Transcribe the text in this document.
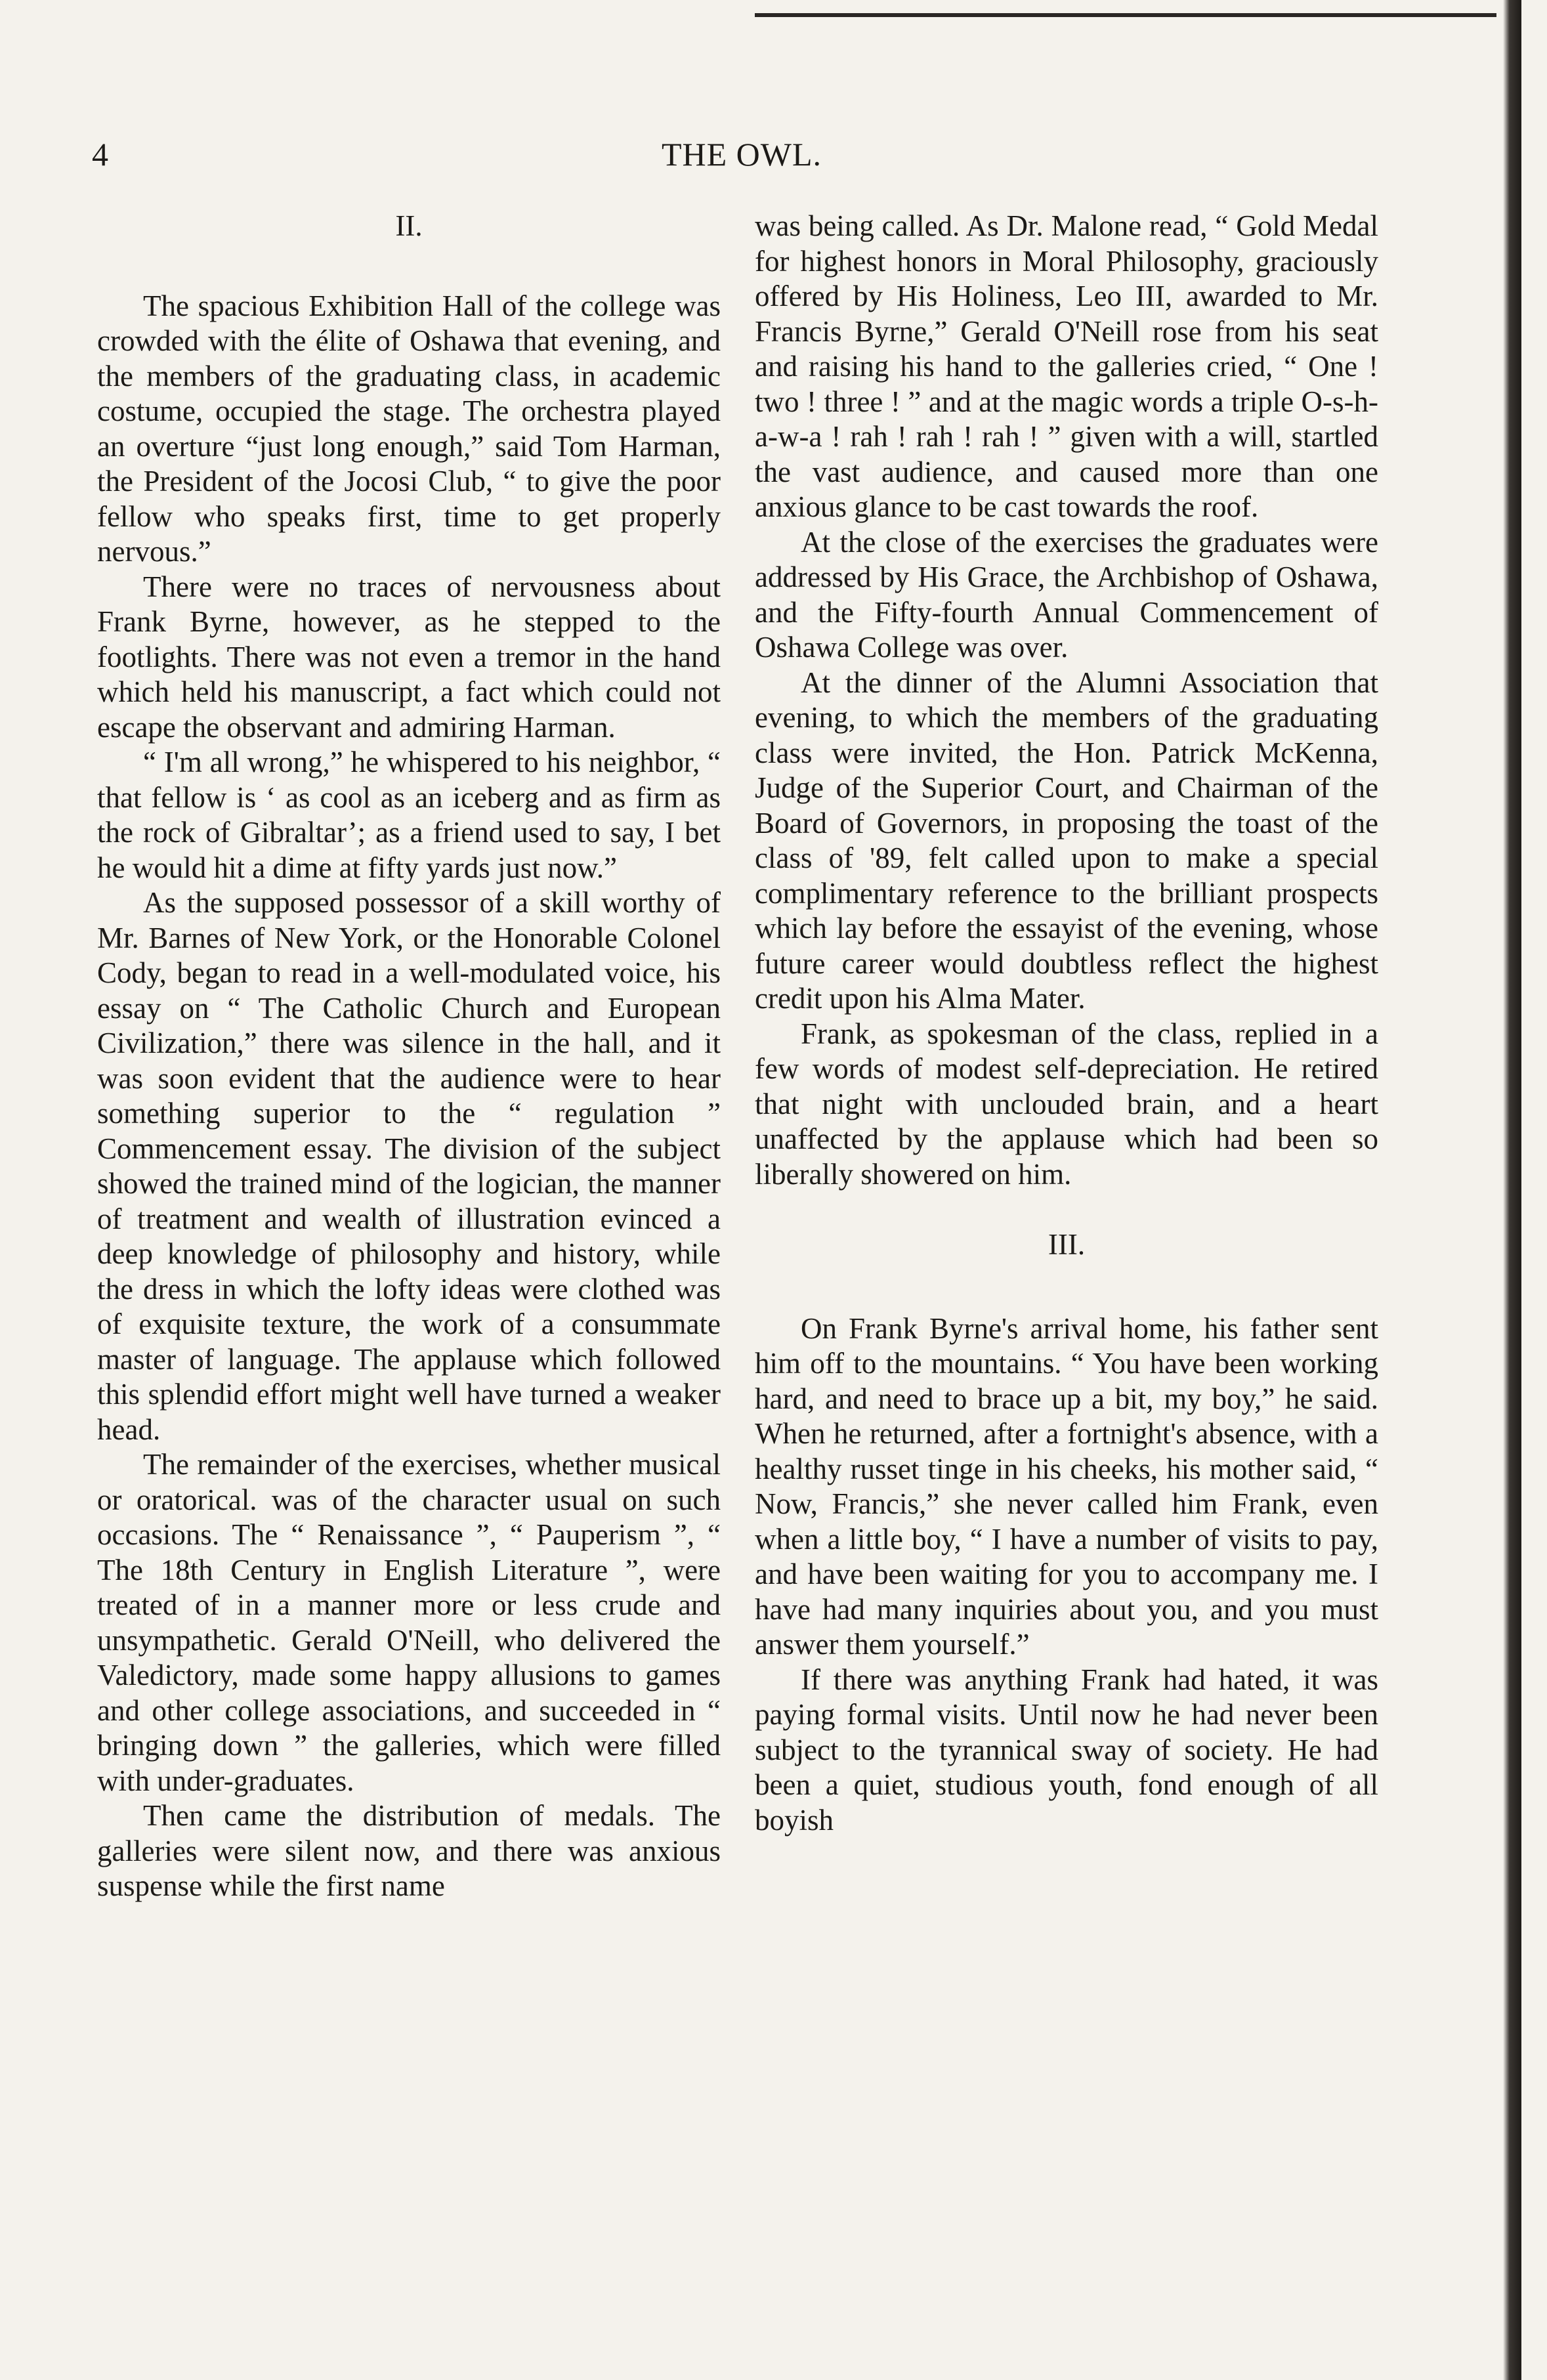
4	THE OWL.
II.

The spacious Exhibition Hall of the college was crowded with the élite of Oshawa that evening, and the members of the graduating class, in academic costume, occupied the stage. The orchestra played an overture “just long enough,” said Tom Harman, the President of the Jocosi Club, “ to give the poor fellow who speaks first, time to get properly nervous.”

There were no traces of nervousness about Frank Byrne, however, as he stepped to the footlights. There was not even a tremor in the hand which held his manuscript, a fact which could not escape the observant and admiring Harman.

“ I'm all wrong,” he whispered to his neighbor, “ that fellow is ‘ as cool as an iceberg and as firm as the rock of Gibraltar’; as a friend used to say, I bet he would hit a dime at fifty yards just now.”

As the supposed possessor of a skill worthy of Mr. Barnes of New York, or the Honorable Colonel Cody, began to read in a well-modulated voice, his essay on “ The Catholic Church and European Civilization,” there was silence in the hall, and it was soon evident that the audience were to hear something superior to the “ regulation ” Commencement essay. The division of the subject showed the trained mind of the logician, the manner of treatment and wealth of illustration evinced a deep knowledge of philosophy and history, while the dress in which the lofty ideas were clothed was of exquisite texture, the work of a consummate master of language. The applause which followed this splendid effort might well have turned a weaker head.

The remainder of the exercises, whether musical or oratorical. was of the character usual on such occasions. The “ Renaissance ”, “ Pauperism ”, “ The 18th Century in English Literature ”, were treated of in a manner more or less crude and unsympathetic. Gerald O'Neill, who delivered the Valedictory, made some happy allusions to games and other college associations, and succeeded in “ bringing down ” the galleries, which were filled with under-graduates.

Then came the distribution of medals. The galleries were silent now, and there was anxious suspense while the first name

was being called. As Dr. Malone read, “ Gold Medal for highest honors in Moral Philosophy, graciously offered by His Holiness, Leo III, awarded to Mr. Francis Byrne,” Gerald O'Neill rose from his seat and raising his hand to the galleries cried, “ One ! two ! three ! ” and at the magic words a triple O-s-h-a-w-a ! rah ! rah ! rah ! ” given with a will, startled the vast audience, and caused more than one anxious glance to be cast towards the roof.

At the close of the exercises the graduates were addressed by His Grace, the Archbishop of Oshawa, and the Fifty-fourth Annual Commencement of Oshawa College was over.

At the dinner of the Alumni Association that evening, to which the members of the graduating class were invited, the Hon. Patrick McKenna, Judge of the Superior Court, and Chairman of the Board of Governors, in proposing the toast of the class of '89, felt called upon to make a special complimentary reference to the brilliant prospects which lay before the essayist of the evening, whose future career would doubtless reflect the highest credit upon his Alma Mater.

Frank, as spokesman of the class, replied in a few words of modest self-depreciation. He retired that night with unclouded brain, and a heart unaffected by the applause which had been so liberally showered on him.

III.

On Frank Byrne's arrival home, his father sent him off to the mountains. “ You have been working hard, and need to brace up a bit, my boy,” he said. When he returned, after a fortnight's absence, with a healthy russet tinge in his cheeks, his mother said, “ Now, Francis,” she never called him Frank, even when a little boy, “ I have a number of visits to pay, and have been waiting for you to accompany me. I have had many inquiries about you, and you must answer them yourself.”

If there was anything Frank had hated, it was paying formal visits. Until now he had never been subject to the tyrannical sway of society. He had been a quiet, studious youth, fond enough of all boyish
